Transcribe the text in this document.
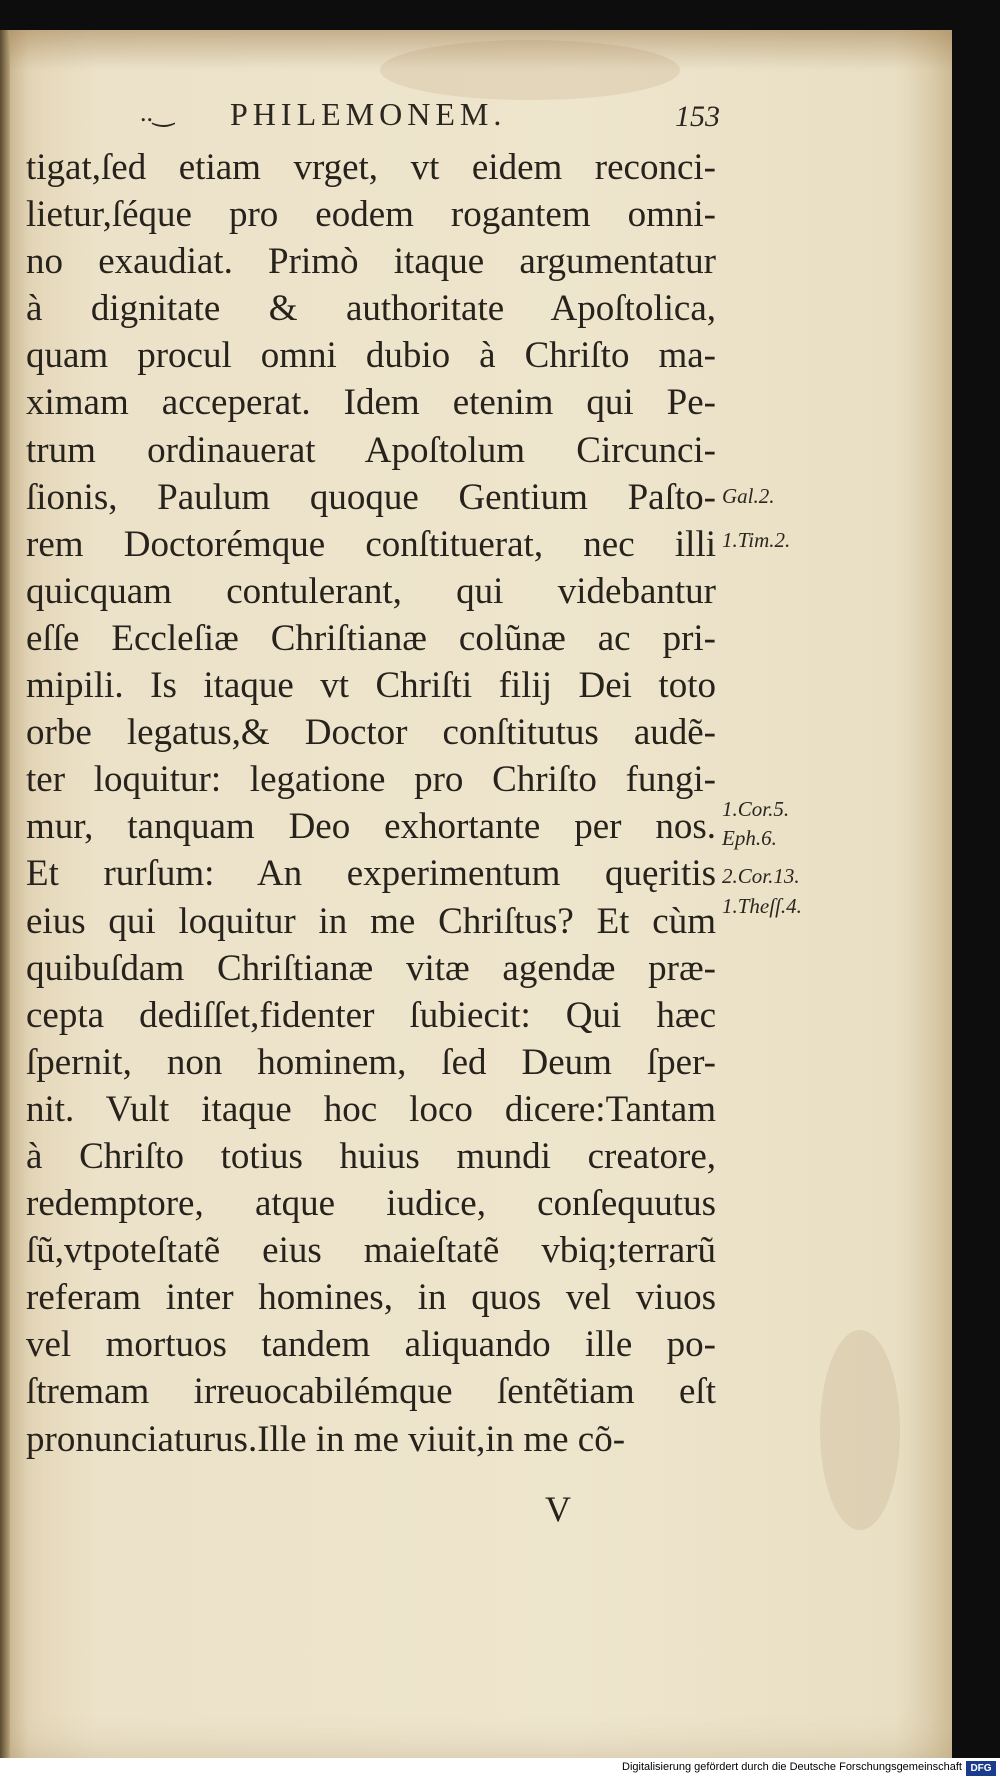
..‿ PHILEMONEM.	153
tigat,ſed etiam vrget, vt eidem reconci-
lietur,ſéque pro eodem rogantem omni-
no exaudiat. Primò itaque argumentatur
à dignitate & authoritate Apoſtolica,
quam procul omni dubio à Chriſto ma-
ximam acceperat. Idem etenim qui Pe-
trum ordinauerat Apoſtolum Circunci-
ſionis, Paulum quoque Gentium Paſto-
rem Doctorémque conſtituerat, nec illi
quicquam contulerant, qui videbantur
eſſe Eccleſiæ Chriſtianæ colũnæ ac pri-
mipili. Is itaque vt Chriſti filij Dei toto
orbe legatus,& Doctor conſtitutus audẽ-
ter loquitur: legatione pro Chriſto fungi-
mur, tanquam Deo exhortante per nos.
Et rurſum: An experimentum quęritis
eius qui loquitur in me Chriſtus? Et cùm
quibuſdam Chriſtianæ vitæ agendæ præ-
cepta dediſſet,fidenter ſubiecit: Qui hæc
ſpernit, non hominem, ſed Deum ſper-
nit. Vult itaque hoc loco dicere:Tantam
à Chriſto totius huius mundi creatore,
redemptore, atque iudice, conſequutus
ſũ,vtpoteſtatẽ eius maieſtatẽ vbiq;terrarũ
referam inter homines, in quos vel viuos
vel mortuos tandem aliquando ille po-
ſtremam irreuocabilémque ſentẽtiam eſt
pronunciaturus.Ille in me viuit,in me cõ-
Gal.2.
1.Tim.2.
1.Cor.5.
Eph.6.
2.Cor.13.
1.Theſſ.4.
V
Digitalisierung gefördert durch die Deutsche Forschungsgemeinschaft DFG
